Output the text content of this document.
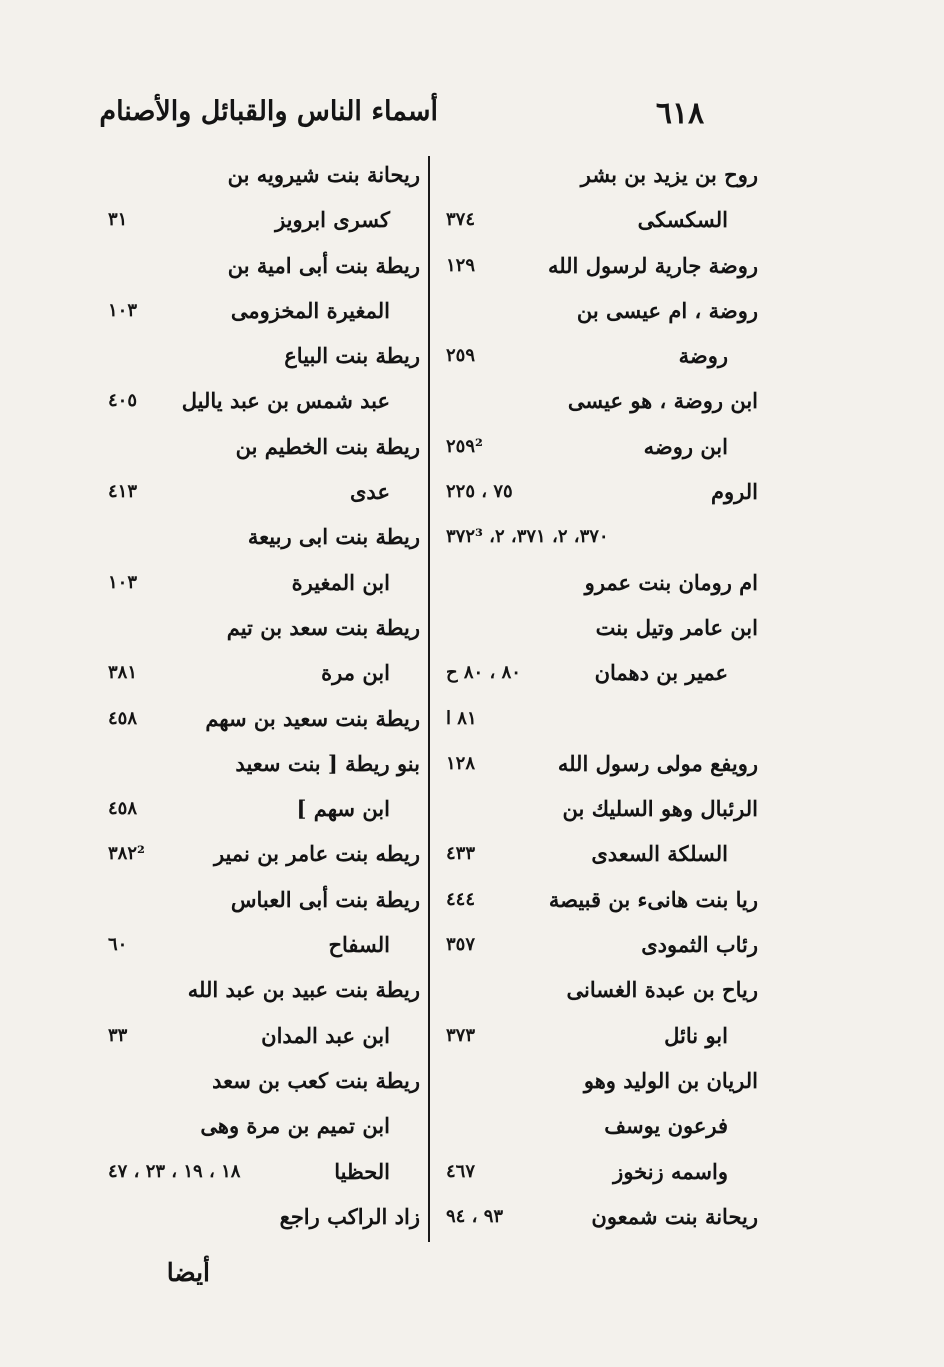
أسماء الناس والقبائل والأصنام	٦١٨
روح بن يزيد بن بشر
السكسكى
٣٧٤
روضة جارية لرسول الله
١٢٩
روضة ، ام عيسى بن
روضة
٢٥٩
ابن روضة ، هو عيسى
ابن روضه
٢٥٩²
الروم
٧٥ ، ٢٢٥
٣٧٠، ٢، ٣٧١، ٢، ٣٧٢³
ام رومان بنت عمرو
ابن عامر وتيل بنت
عمير بن دهمان
٨٠ ، ٨٠ ح
٨١ ا
رويفع مولى رسول الله
١٢٨
الرئبال وهو السليك بن
السلكة السعدى
٤٣٣
ريا بنت هانىء بن قبيصة
٤٤٤
رئاب الثمودى
٣٥٧
رياح بن عبدة الغسانى
ابو نائل
٣٧٣
الريان بن الوليد وهو
فرعون يوسف
واسمه زنخوز
٤٦٧
ريحانة بنت شمعون
٩٣ ، ٩٤
ريحانة بنت شيرويه بن
كسرى ابرويز
٣١
ريطة بنت أبى امية بن
المغيرة المخزومى
١٠٣
ريطة بنت البياع
عبد شمس بن عبد ياليل
٤٠٥
ريطة بنت الخطيم بن
عدى
٤١٣
ريطة بنت ابى ربيعة
ابن المغيرة
١٠٣
ريطة بنت سعد بن تيم
ابن مرة
٣٨١
ريطة بنت سعيد بن سهم
٤٥٨
بنو ريطة [ بنت سعيد
ابن سهم ]
٤٥٨
ريطه بنت عامر بن نمير
٣٨٢²
ريطة بنت أبى العباس
السفاح
٦٠
ريطة بنت عبيد بن عبد الله
ابن عبد المدان
٣٣
ريطة بنت كعب بن سعد
ابن تميم بن مرة وهى
الحظيا
١٨ ، ١٩ ، ٢٣ ، ٤٧
زاد الراكب راجع
أيضا
